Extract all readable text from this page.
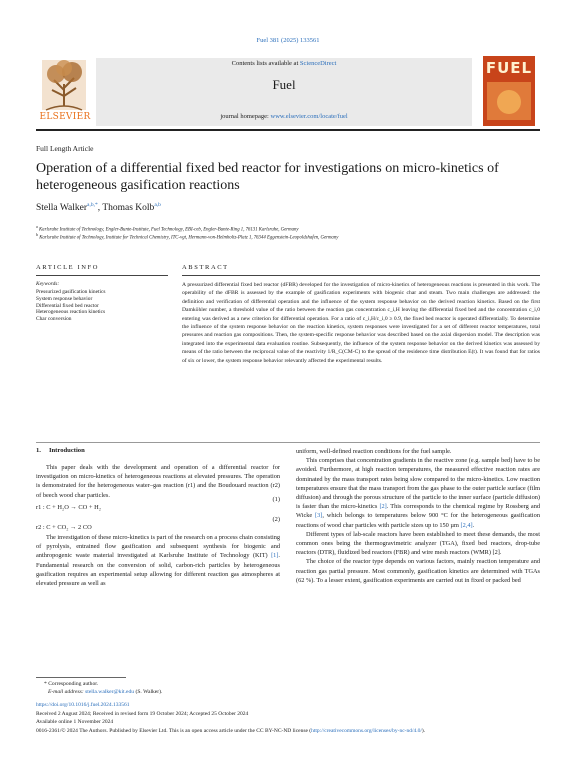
Fuel 381 (2025) 133561
ELSEVIER
Contents lists available at ScienceDirect
Fuel
journal homepage: www.elsevier.com/locate/fuel
FUEL
Full Length Article
Operation of a differential fixed bed reactor for investigations on micro-kinetics of heterogeneous gasification reactions
Stella Walker$^{a,b,*}$, Thomas Kolb$^{a,b}$
$^a$ Karlsruhe Institute of Technology, Engler-Bunte-Institute, Fuel Technology, EBI-ceb, Engler-Bunte-Ring 1, 76131 Karlsruhe, Germany
$^b$ Karlsruhe Institute of Technology, Institute for Technical Chemistry, ITC-vgt, Hermann-von-Helmholtz-Platz 1, 76344 Eggenstein-Leopoldshafen, Germany
ARTICLE INFO	ABSTRACT
Keywords:
Pressurized gasification kinetics
System response behavior
Differential fixed bed reactor
Heterogeneous reaction kinetics
Char conversion
A pressurized differential fixed bed reactor (dFBR) developed for the investigation of micro-kinetics of heterogeneous reactions is presented in this work. The operability of the dFBR is assessed by the example of gasification experiments with biogenic char and steam. Two main challenges are addressed: the definition and verification of differential operation and the influence of the system response behavior on the derived reaction kinetics. Based on the first Damköhler number, a threshold value of the ratio between the reaction gas concentration c_i,H leaving the differential fixed bed and the concentration c_i,0 entering was derived as a new criterion for differential operation. For a ratio of c_i,H/c_i,0 ≥ 0.9, the fixed bed reactor is operated differentially. To determine the influence of the system response behavior on the reaction kinetics, system responses were investigated for a set of different reactor temperatures, total pressures and reaction gas compositions. Then, the system-specific response behavior was described based on the axial dispersion model. The description was integrated into the experimental data evaluation routine. Subsequently, the influence of the system response behavior on the derived kinetics was assessed by means of the ratio between the reciprocal value of the reactivity 1/R_C(CM-C) to the spread of the residence time distribution E(t). It was found that for ratios of six or lower, the system response behavior relevantly affected the experimental results.
1. Introduction

This paper deals with the development and operation of a differential reactor for investigation on micro-kinetics of heterogeneous reactions at elevated pressures. The operation is demonstrated for the heterogeneous water–gas reaction (r1) and the Boudouard reaction (r2) of beech wood char particles.

r1 : C + H₂O → CO + H₂
(1)
r2 : C + CO₂ → 2 CO
(2)

The investigation of these micro-kinetics is part of the research on a process chain consisting of pyrolysis, entrained flow gasification and subsequent synthesis for biogenic and anthropogenic waste material investigated at Karlsruhe Institute of Technology (KIT) [1]. Fundamental research on the conversion of solid, carbon-rich particles by heterogeneous gasification requires an experimental setup allowing for different reaction gas atmospheres at elevated pressure as well as

uniform, well-defined reaction conditions for the fuel sample.

This comprises that concentration gradients in the reactive zone (e.g. sample bed) have to be avoided. Furthermore, at high reaction temperatures, the measured effective reaction rates are dominated by the mass transport rates being slow compared to the micro-kinetics. Low reaction temperatures ensure that the mass transport from the gas phase to the outer particle surface (film diffusion) and through the porous structure of the particle to the inner surface (particle diffusion) is faster than the micro-kinetics [2]. This corresponds to the chemical regime by Rossberg and Wicke [3], which belongs to temperatures below 900 °C for the heterogeneous gasification reactions of wood char particles with particle sizes up to 150 µm [2,4].

Different types of lab-scale reactors have been established to meet these demands, the most common ones being the thermogravimetric analyzer (TGA), fixed bed reactors, drop-tube reactors (DTR), fluidized bed reactors (FBR) and wire mesh reactors (WMR) [2].

The choice of the reactor type depends on various factors, mainly reaction temperature and reaction gas partial pressure. Most commonly, gasification kinetics are determined with TGAs (62 %). To a lesser extent, gasification experiments are carried out in fixed or packed bed

* Corresponding author.
E-mail address: stella.walker@kit.edu (S. Walker).
https://doi.org/10.1016/j.fuel.2024.133561
Received 2 August 2024; Received in revised form 19 October 2024; Accepted 25 October 2024
Available online 1 November 2024
0016-2361/© 2024 The Authors. Published by Elsevier Ltd. This is an open access article under the CC BY-NC-ND license (http://creativecommons.org/licenses/by-nc-nd/4.0/).
